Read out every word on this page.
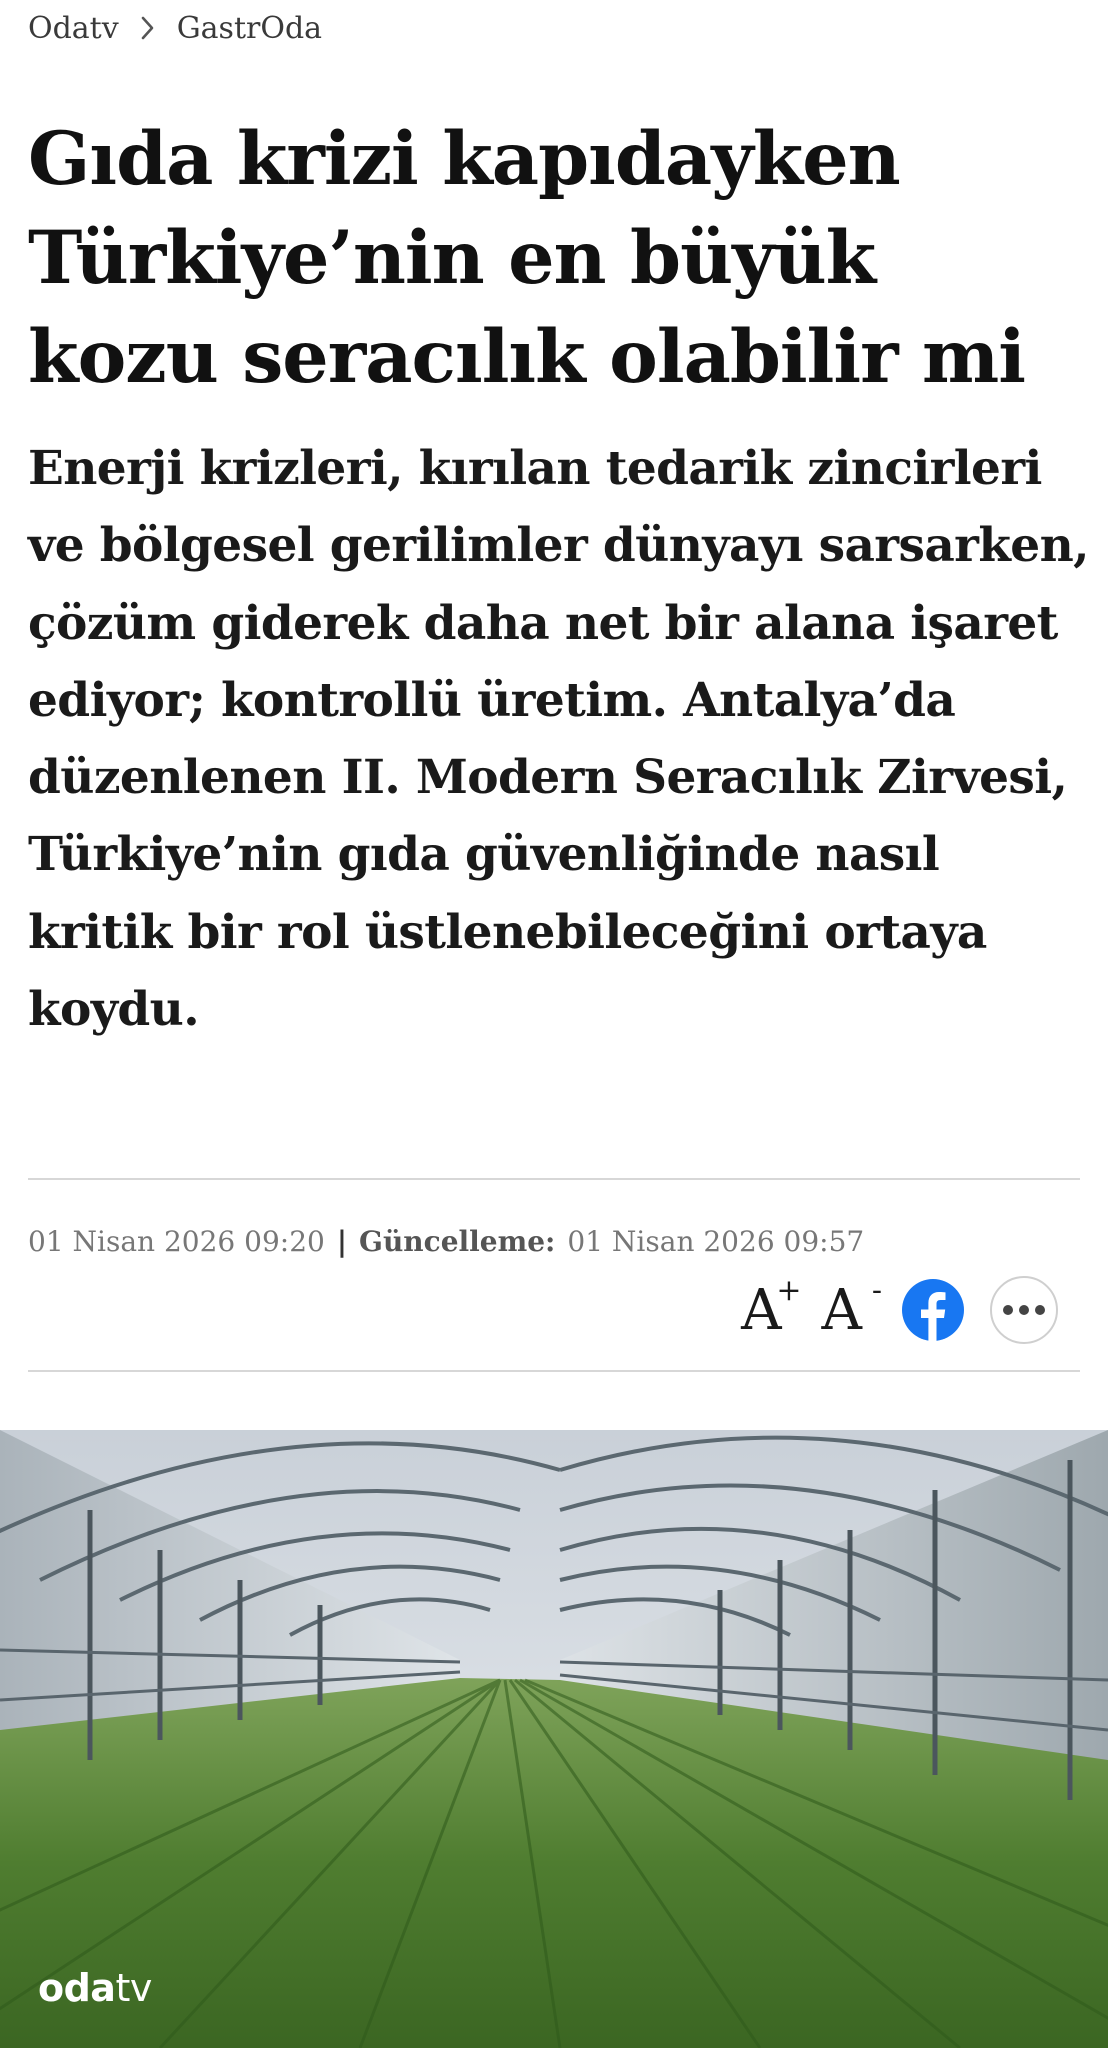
Odatv GastrOda
Gıda krizi kapıdayken Türkiye’nin en büyük kozu seracılık olabilir mi

Enerji krizleri, kırılan tedarik zincirleri ve bölgesel gerilimler dünyayı sarsarken, çözüm giderek daha net bir alana işaret ediyor; kontrollü üretim. Antalya’da düzenlenen II. Modern Seracılık Zirvesi, Türkiye’nin gıda güvenliğinde nasıl kritik bir rol üstlenebileceğini ortaya koydu.

01 Nisan 2026 09:20 | Güncelleme: 01 Nisan 2026 09:57
A
+ A -
odatv
